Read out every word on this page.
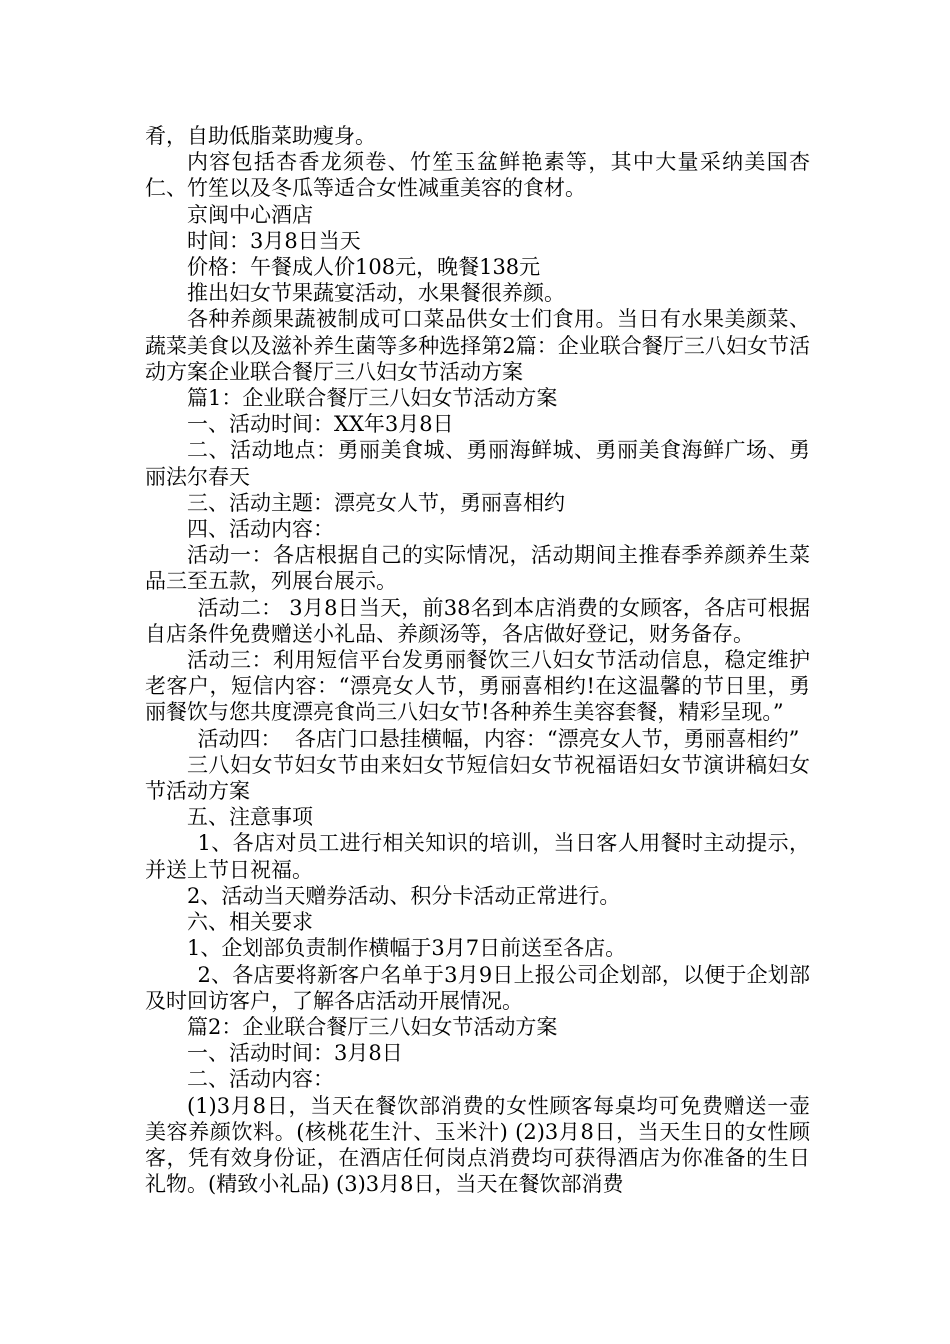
肴，自助低脂菜助瘦身。

内容包括杏香龙须卷、竹笙玉盆鲜艳素等，其中大量采纳美国杏仁、竹笙以及冬瓜等适合女性减重美容的食材。

京闽中心酒店

时间：3月8日当天

价格：午餐成人价108元，晚餐138元

推出妇女节果蔬宴活动，水果餐很养颜。

各种养颜果蔬被制成可口菜品供女士们食用。当日有水果美颜菜、蔬菜美食以及滋补养生菌等多种选择第2篇：企业联合餐厅三八妇女节活动方案企业联合餐厅三八妇女节活动方案

篇1：企业联合餐厅三八妇女节活动方案

一、活动时间：XX年3月8日

二、活动地点：勇丽美食城、勇丽海鲜城、勇丽美食海鲜广场、勇丽法尔春天

三、活动主题：漂亮女人节，勇丽喜相约

四、活动内容：

活动一：各店根据自己的实际情况，活动期间主推春季养颜养生菜品三至五款，列展台展示。

活动二： 3月8日当天，前38名到本店消费的女顾客，各店可根据自店条件免费赠送小礼品、养颜汤等，各店做好登记，财务备存。

活动三：利用短信平台发勇丽餐饮三八妇女节活动信息，稳定维护老客户，短信内容：“漂亮女人节，勇丽喜相约!在这温馨的节日里，勇丽餐饮与您共度漂亮食尚三八妇女节!各种养生美容套餐，精彩呈现。”

活动四：  各店门口悬挂横幅，内容：“漂亮女人节，勇丽喜相约”

三八妇女节妇女节由来妇女节短信妇女节祝福语妇女节演讲稿妇女节活动方案

五、注意事项

1、各店对员工进行相关知识的培训，当日客人用餐时主动提示，并送上节日祝福。

2、活动当天赠券活动、积分卡活动正常进行。

六、相关要求

1、企划部负责制作横幅于3月7日前送至各店。

2、各店要将新客户名单于3月9日上报公司企划部，以便于企划部及时回访客户，了解各店活动开展情况。

篇2：企业联合餐厅三八妇女节活动方案

一、活动时间：3月8日

二、活动内容：

(1)3月8日，当天在餐饮部消费的女性顾客每桌均可免费赠送一壶美容养颜饮料。(核桃花生汁、玉米汁) (2)3月8日，当天生日的女性顾客，凭有效身份证，在酒店任何岗点消费均可获得酒店为你准备的生日礼物。(精致小礼品) (3)3月8日，当天在餐饮部消费
